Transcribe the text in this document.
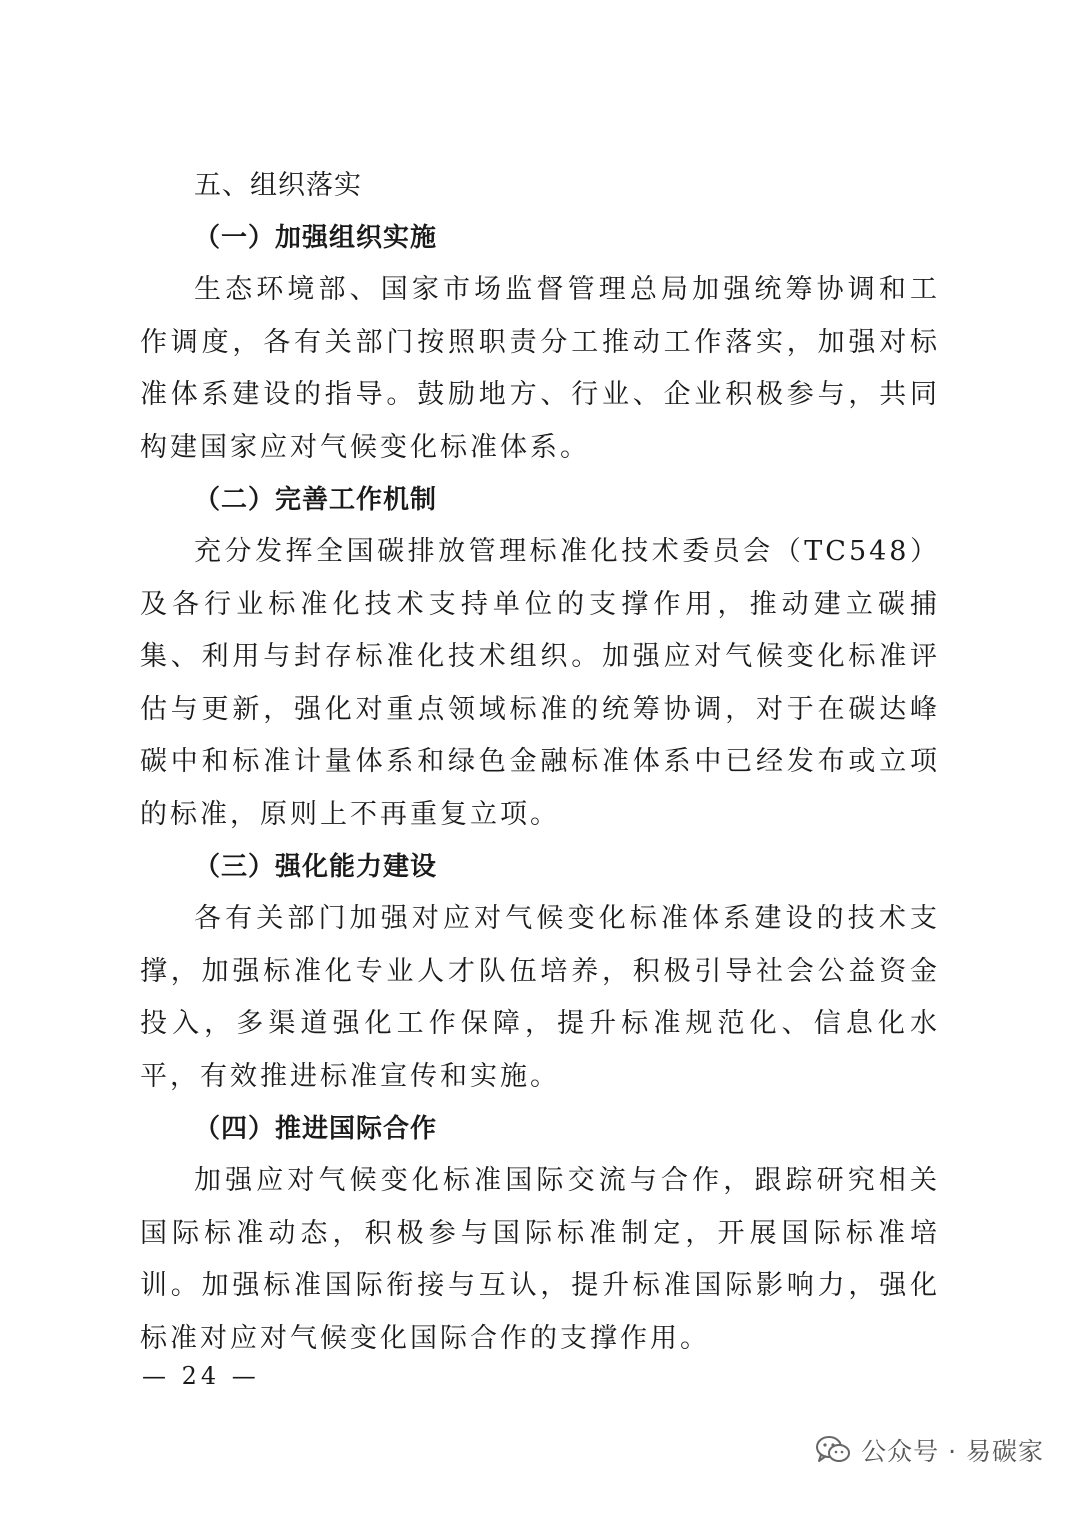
五、组织落实
（一）加强组织实施

生态环境部、国家市场监督管理总局加强统筹协调和工作调度，各有关部门按照职责分工推动工作落实，加强对标准体系建设的指导。鼓励地方、行业、企业积极参与，共同构建国家应对气候变化标准体系。

（二）完善工作机制

充分发挥全国碳排放管理标准化技术委员会（TC548）及各行业标准化技术支持单位的支撑作用，推动建立碳捕集、利用与封存标准化技术组织。加强应对气候变化标准评估与更新，强化对重点领域标准的统筹协调，对于在碳达峰碳中和标准计量体系和绿色金融标准体系中已经发布或立项的标准，原则上不再重复立项。

（三）强化能力建设

各有关部门加强对应对气候变化标准体系建设的技术支撑，加强标准化专业人才队伍培养，积极引导社会公益资金投入，多渠道强化工作保障，提升标准规范化、信息化水平，有效推进标准宣传和实施。

（四）推进国际合作

加强应对气候变化标准国际交流与合作，跟踪研究相关国际标准动态，积极参与国际标准制定，开展国际标准培训。加强标准国际衔接与互认，提升标准国际影响力，强化标准对应对气候变化国际合作的支撑作用。

— 24 —
公众号 · 易碳家
